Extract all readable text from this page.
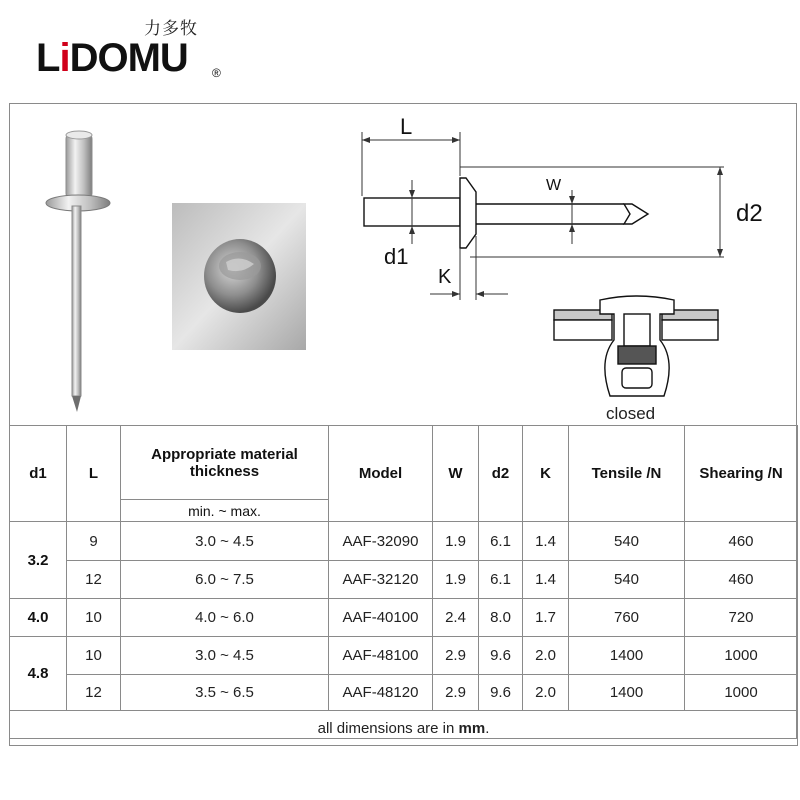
力多牧
LiDOMU ®
L
d2
d1
W
K
closed
d1	L	Appropriate material thickness	Model	W	d2	K	Tensile /N	Shearing /N
		min. ~ max.						
3.2	9	3.0 ~ 4.5	AAF-32090	1.9	6.1	1.4	540	460
	12	6.0 ~ 7.5	AAF-32120	1.9	6.1	1.4	540	460
4.0	10	4.0 ~ 6.0	AAF-40100	2.4	8.0	1.7	760	720
4.8	10	3.0 ~ 4.5	AAF-48100	2.9	9.6	2.0	1400	1000
	12	3.5 ~ 6.5	AAF-48120	2.9	9.6	2.0	1400	1000
all dimensions are in mm.								
